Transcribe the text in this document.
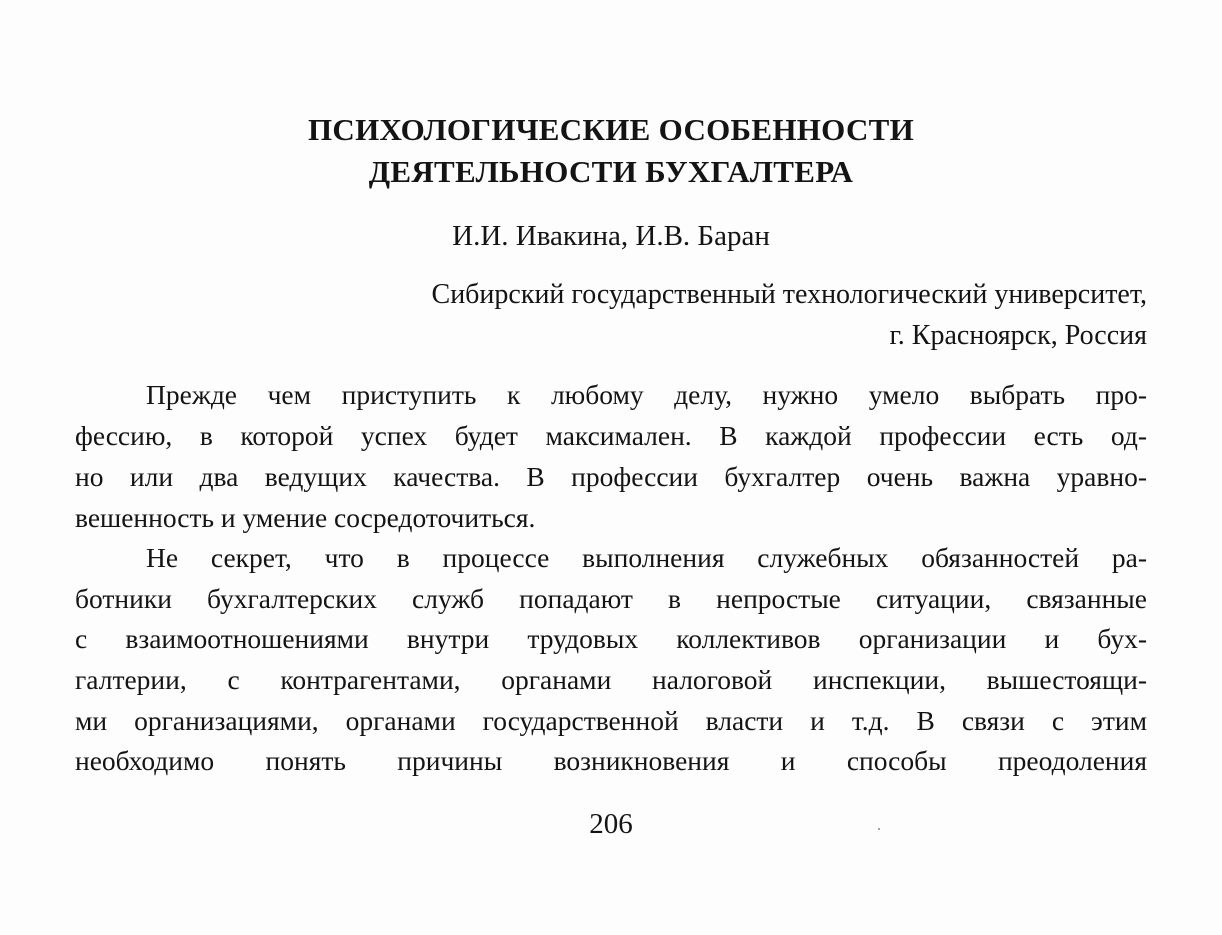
ПСИХОЛОГИЧЕСКИЕ ОСОБЕННОСТИ
ДЕЯТЕЛЬНОСТИ БУХГАЛТЕРА
И.И. Ивакина, И.В. Баран
Сибирский государственный технологический университет,
г. Красноярск, Россия
Прежде чем приступить к любому делу, нужно умело выбрать про-
фессию, в которой успех будет максимален. В каждой профессии есть од-
но или два ведущих качества. В профессии бухгалтер очень важна уравно-
вешенность и умение сосредоточиться.
Не секрет, что в процессе выполнения служебных обязанностей ра-
ботники бухгалтерских служб попадают в непростые ситуации, связанные
с взаимоотношениями внутри трудовых коллективов организации и бух-
галтерии, с контрагентами, органами налоговой инспекции, вышестоящи-
ми организациями, органами государственной власти и т.д. В связи с этим
необходимо понять причины возникновения и способы преодоления
206
